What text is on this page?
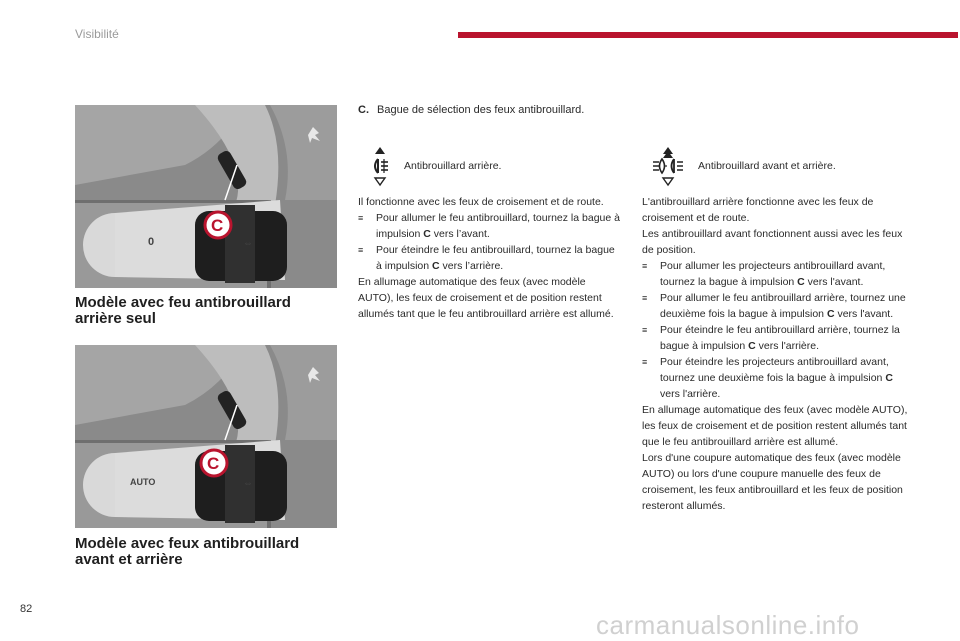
Visibilité
0	⇔
C
Modèle avec feu antibrouillard arrière seul
AUTO	⇔
C
Modèle avec feux antibrouillard avant et arrière
C. Bague de sélection des feux antibrouillard.
Antibrouillard arrière.	Antibrouillard avant et arrière.

Il fonctionne avec les feux de croisement et de route.

≡ Pour allumer le feu antibrouillard, tournez la bague à impulsion C vers l’avant.

≡ Pour éteindre le feu antibrouillard, tournez la bague à impulsion C vers l’arrière.

En allumage automatique des feux (avec modèle AUTO), les feux de croisement et de position restent allumés tant que le feu antibrouillard arrière est allumé.

L'antibrouillard arrière fonctionne avec les feux de croisement et de route.

Les antibrouillard avant fonctionnent aussi avec les feux de position.

≡ Pour allumer les projecteurs antibrouillard avant, tournez la bague à impulsion C vers l'avant.

≡ Pour allumer le feu antibrouillard arrière, tournez une deuxième fois la bague à impulsion C vers l'avant.

≡ Pour éteindre le feu antibrouillard arrière, tournez la bague à impulsion C vers l'arrière.

≡ Pour éteindre les projecteurs antibrouillard avant, tournez une deuxième fois la bague à impulsion C vers l'arrière.

En allumage automatique des feux (avec modèle AUTO), les feux de croisement et de position restent allumés tant que le feu antibrouillard arrière est allumé.

Lors d'une coupure automatique des feux (avec modèle AUTO) ou lors d'une coupure manuelle des feux de croisement, les feux antibrouillard et les feux de position resteront allumés.

82
carmanualsonline.info
